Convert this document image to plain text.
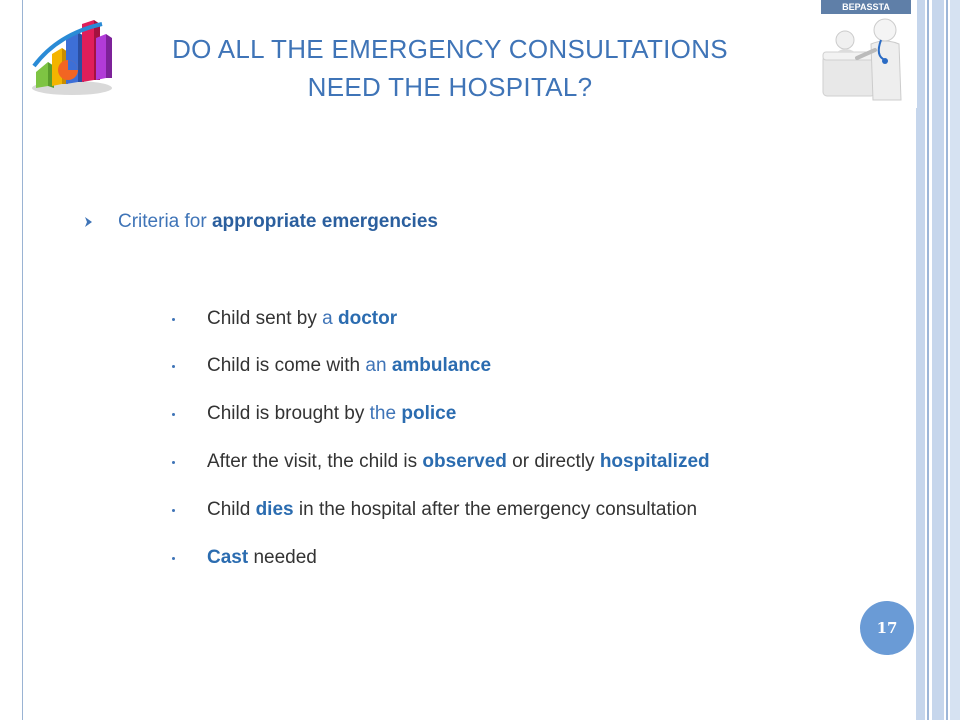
DO ALL THE EMERGENCY CONSULTATIONS
NEED THE HOSPITAL?
BEPASSTA
Criteria for appropriate emergencies
Child sent by a doctor
Child is come with an ambulance
Child is brought by the police
After the visit, the child is observed or directly hospitalized
Child dies in the hospital after the emergency consultation
Cast needed
17
